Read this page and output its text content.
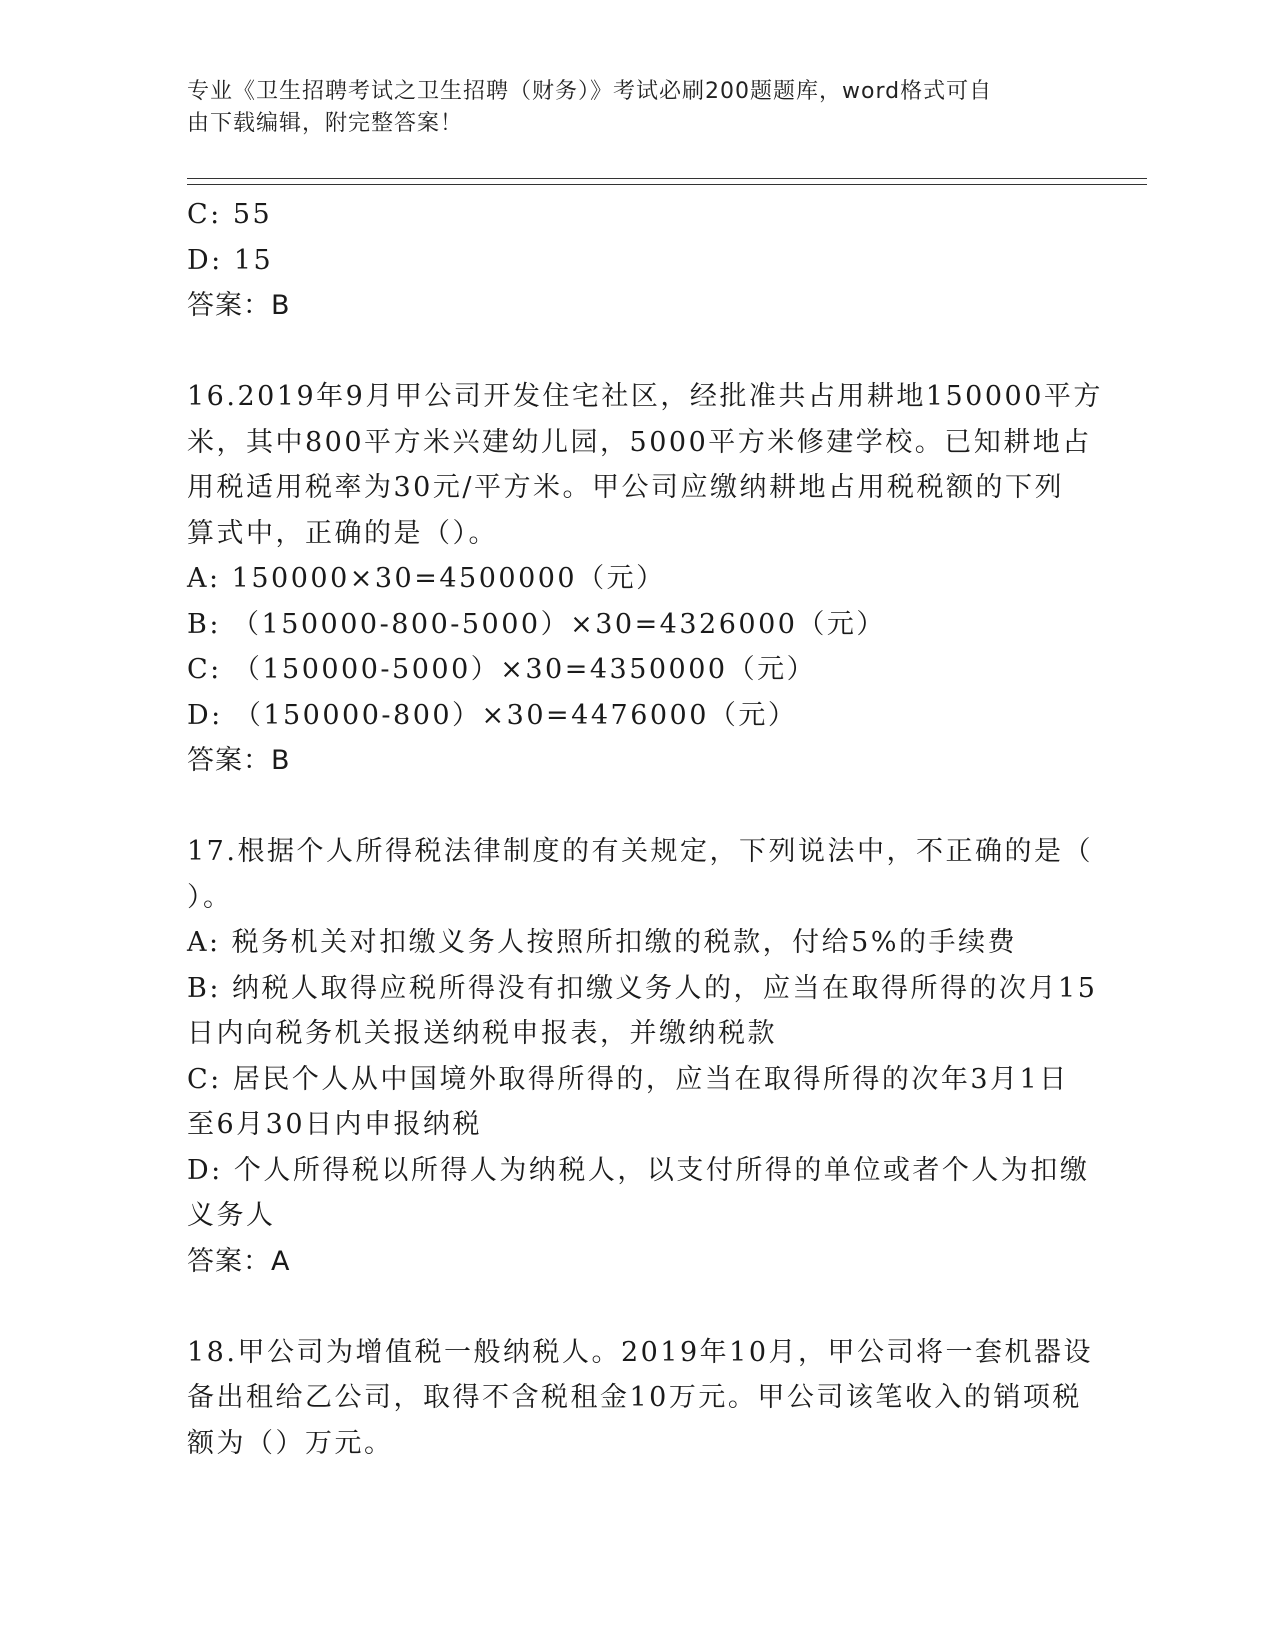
专业《卫生招聘考试之卫生招聘（财务）》考试必刷200题题库，word格式可自
由下载编辑，附完整答案！
C: 55
D: 15
答案：B
16.2019年9月甲公司开发住宅社区，经批准共占用耕地150000平方
米，其中800平方米兴建幼儿园，5000平方米修建学校。已知耕地占
用税适用税率为30元/平方米。甲公司应缴纳耕地占用税税额的下列
算式中，正确的是（）。
A: 150000×30=4500000（元）
B: （150000-800-5000）×30=4326000（元）
C: （150000-5000）×30=4350000（元）
D: （150000-800）×30=4476000（元）
答案：B
17.根据个人所得税法律制度的有关规定，下列说法中，不正确的是（
）。
A: 税务机关对扣缴义务人按照所扣缴的税款，付给5%的手续费
B: 纳税人取得应税所得没有扣缴义务人的，应当在取得所得的次月15
日内向税务机关报送纳税申报表，并缴纳税款
C: 居民个人从中国境外取得所得的，应当在取得所得的次年3月1日
至6月30日内申报纳税
D: 个人所得税以所得人为纳税人，以支付所得的单位或者个人为扣缴
义务人
答案：A
18.甲公司为增值税一般纳税人。2019年10月，甲公司将一套机器设
备出租给乙公司，取得不含税租金10万元。甲公司该笔收入的销项税
额为（）万元。
